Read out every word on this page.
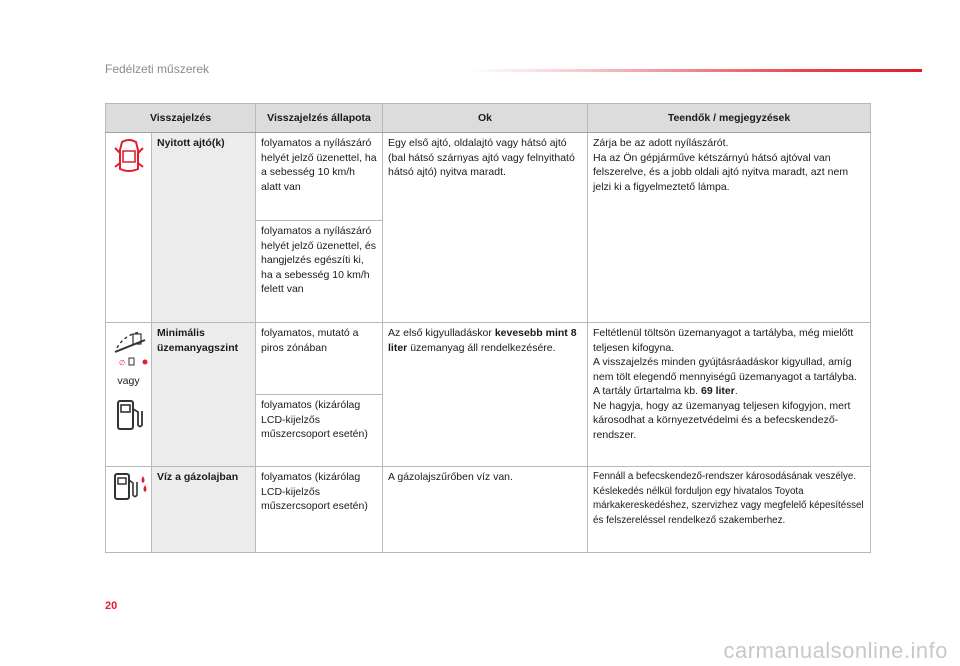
Fedélzeti műszerek
Visszajelzés		Visszajelzés állapota	Ok	Teendők / megjegyzések

	Nyitott ajtó(k)	folyamatos a nyílászáró helyét jelző üzenettel, ha a sebesség 10 km/h alatt van	Egy első ajtó, oldalajtó vagy hátsó ajtó (bal hátsó szárnyas ajtó vagy felnyitható hátsó ajtó) nyitva maradt.	Zárja be az adott nyílászárót.
Ha az Ön gépjárműve kétszárnyú hátsó ajtóval van felszerelve, és a jobb oldali ajtó nyitva maradt, azt nem jelzi ki a figyelmeztető lámpa.
		folyamatos a nyílászáró helyét jelző üzenettel, és hangjelzés egészíti ki, ha a sebesség 10 km/h felett van		

∅
vagy	Minimális üzemanyagszint	folyamatos, mutató a piros zónában	Az első kigyulladáskor kevesebb mint 8 liter üzemanyag áll rendelkezésére.	Feltétlenül töltsön üzemanyagot a tartályba, még mielőtt teljesen kifogyna.
A visszajelzés minden gyújtásráadáskor kigyullad, amíg nem tölt elegendő mennyiségű üzemanyagot a tartályba.
A tartály űrtartalma kb. 69 liter.
Ne hagyja, hogy az üzemanyag teljesen kifogyjon, mert károsodhat a környezetvédelmi és a befecskendező-rendszer.
		folyamatos (kizárólag LCD-kijelzős műszercsoport esetén)		

	Víz a gázolajban	folyamatos (kizárólag LCD-kijelzős műszercsoport esetén)	A gázolajszűrőben víz van.	Fennáll a befecskendező-rendszer károsodásának veszélye.
Késlekedés nélkül forduljon egy hivatalos Toyota márkakereskedéshez, szervizhez vagy megfelelő képesítéssel és felszereléssel rendelkező szakemberhez.
20
carmanualsonline.info
